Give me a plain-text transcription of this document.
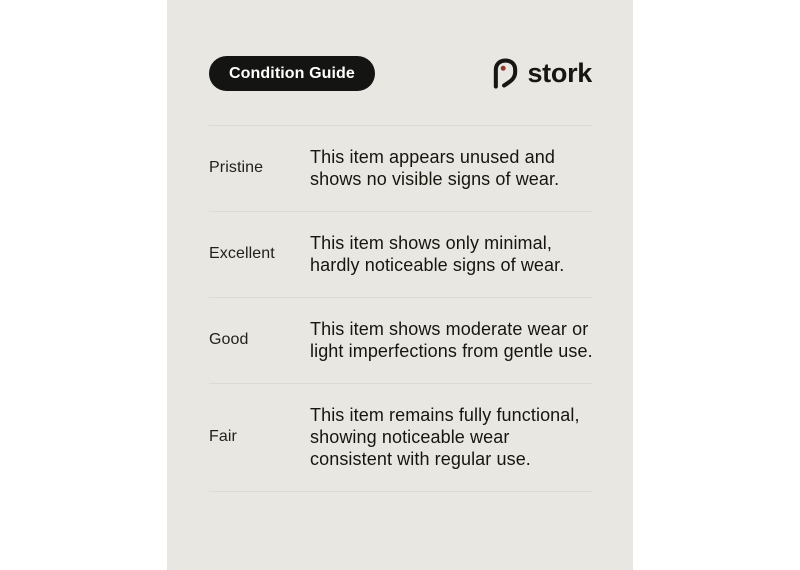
Condition Guide	stork
Pristine
This item appears unused and shows no visible signs of wear.
Excellent
This item shows only minimal, hardly noticeable signs of wear.
Good
This item shows moderate wear or light imperfections from gentle use.
Fair
This item remains fully functional, showing noticeable wear consistent with regular use.
